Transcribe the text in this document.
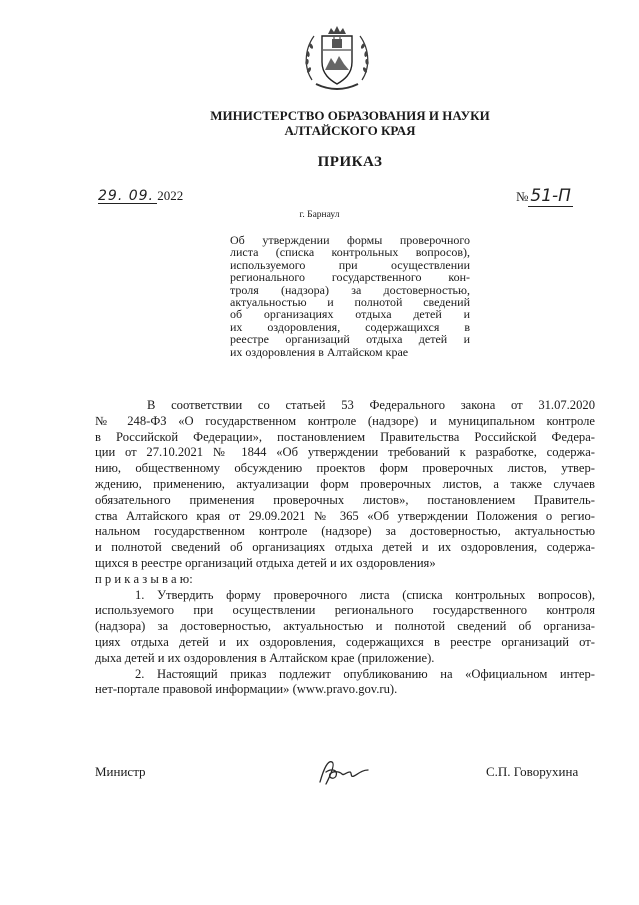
МИНИСТЕРСТВО ОБРАЗОВАНИЯ И НАУКИ
АЛТАЙСКОГО КРАЯ
ПРИКАЗ
29. 09. 2022
г. Барнаул
№ 51-П
Об утверждении формы проверочного
листа (списка контрольных вопросов),
используемого при осуществлении
регионального государственного кон-
троля (надзора) за достоверностью,
актуальностью и полнотой сведений
об организациях отдыха детей и
их оздоровления, содержащихся в
реестре организаций отдыха детей и
их оздоровления в Алтайском крае
В соответствии со статьей 53 Федерального закона от 31.07.2020
№ 248-ФЗ «О государственном контроле (надзоре) и муниципальном контроле
в Российской Федерации», постановлением Правительства Российской Федера-
ции от 27.10.2021 № 1844 «Об утверждении требований к разработке, содержа-
нию, общественному обсуждению проектов форм проверочных листов, утвер-
ждению, применению, актуализации форм проверочных листов, а также случаев
обязательного применения проверочных листов», постановлением Правитель-
ства Алтайского края от 29.09.2021 № 365 «Об утверждении Положения о регио-
нальном государственном контроле (надзоре) за достоверностью, актуальностью
и полнотой сведений об организациях отдыха детей и их оздоровления, содержа-
щихся в реестре организаций отдыха детей и их оздоровления»
п р и к а з ы в а ю:
1. Утвердить форму проверочного листа (списка контрольных вопросов),
используемого при осуществлении регионального государственного контроля
(надзора) за достоверностью, актуальностью и полнотой сведений об организа-
циях отдыха детей и их оздоровления, содержащихся в реестре организаций от-
дыха детей и их оздоровления в Алтайском крае (приложение).
2. Настоящий приказ подлежит опубликованию на «Официальном интер-
нет-портале правовой информации» (www.pravo.gov.ru).
Министр	С.П. Говорухина
